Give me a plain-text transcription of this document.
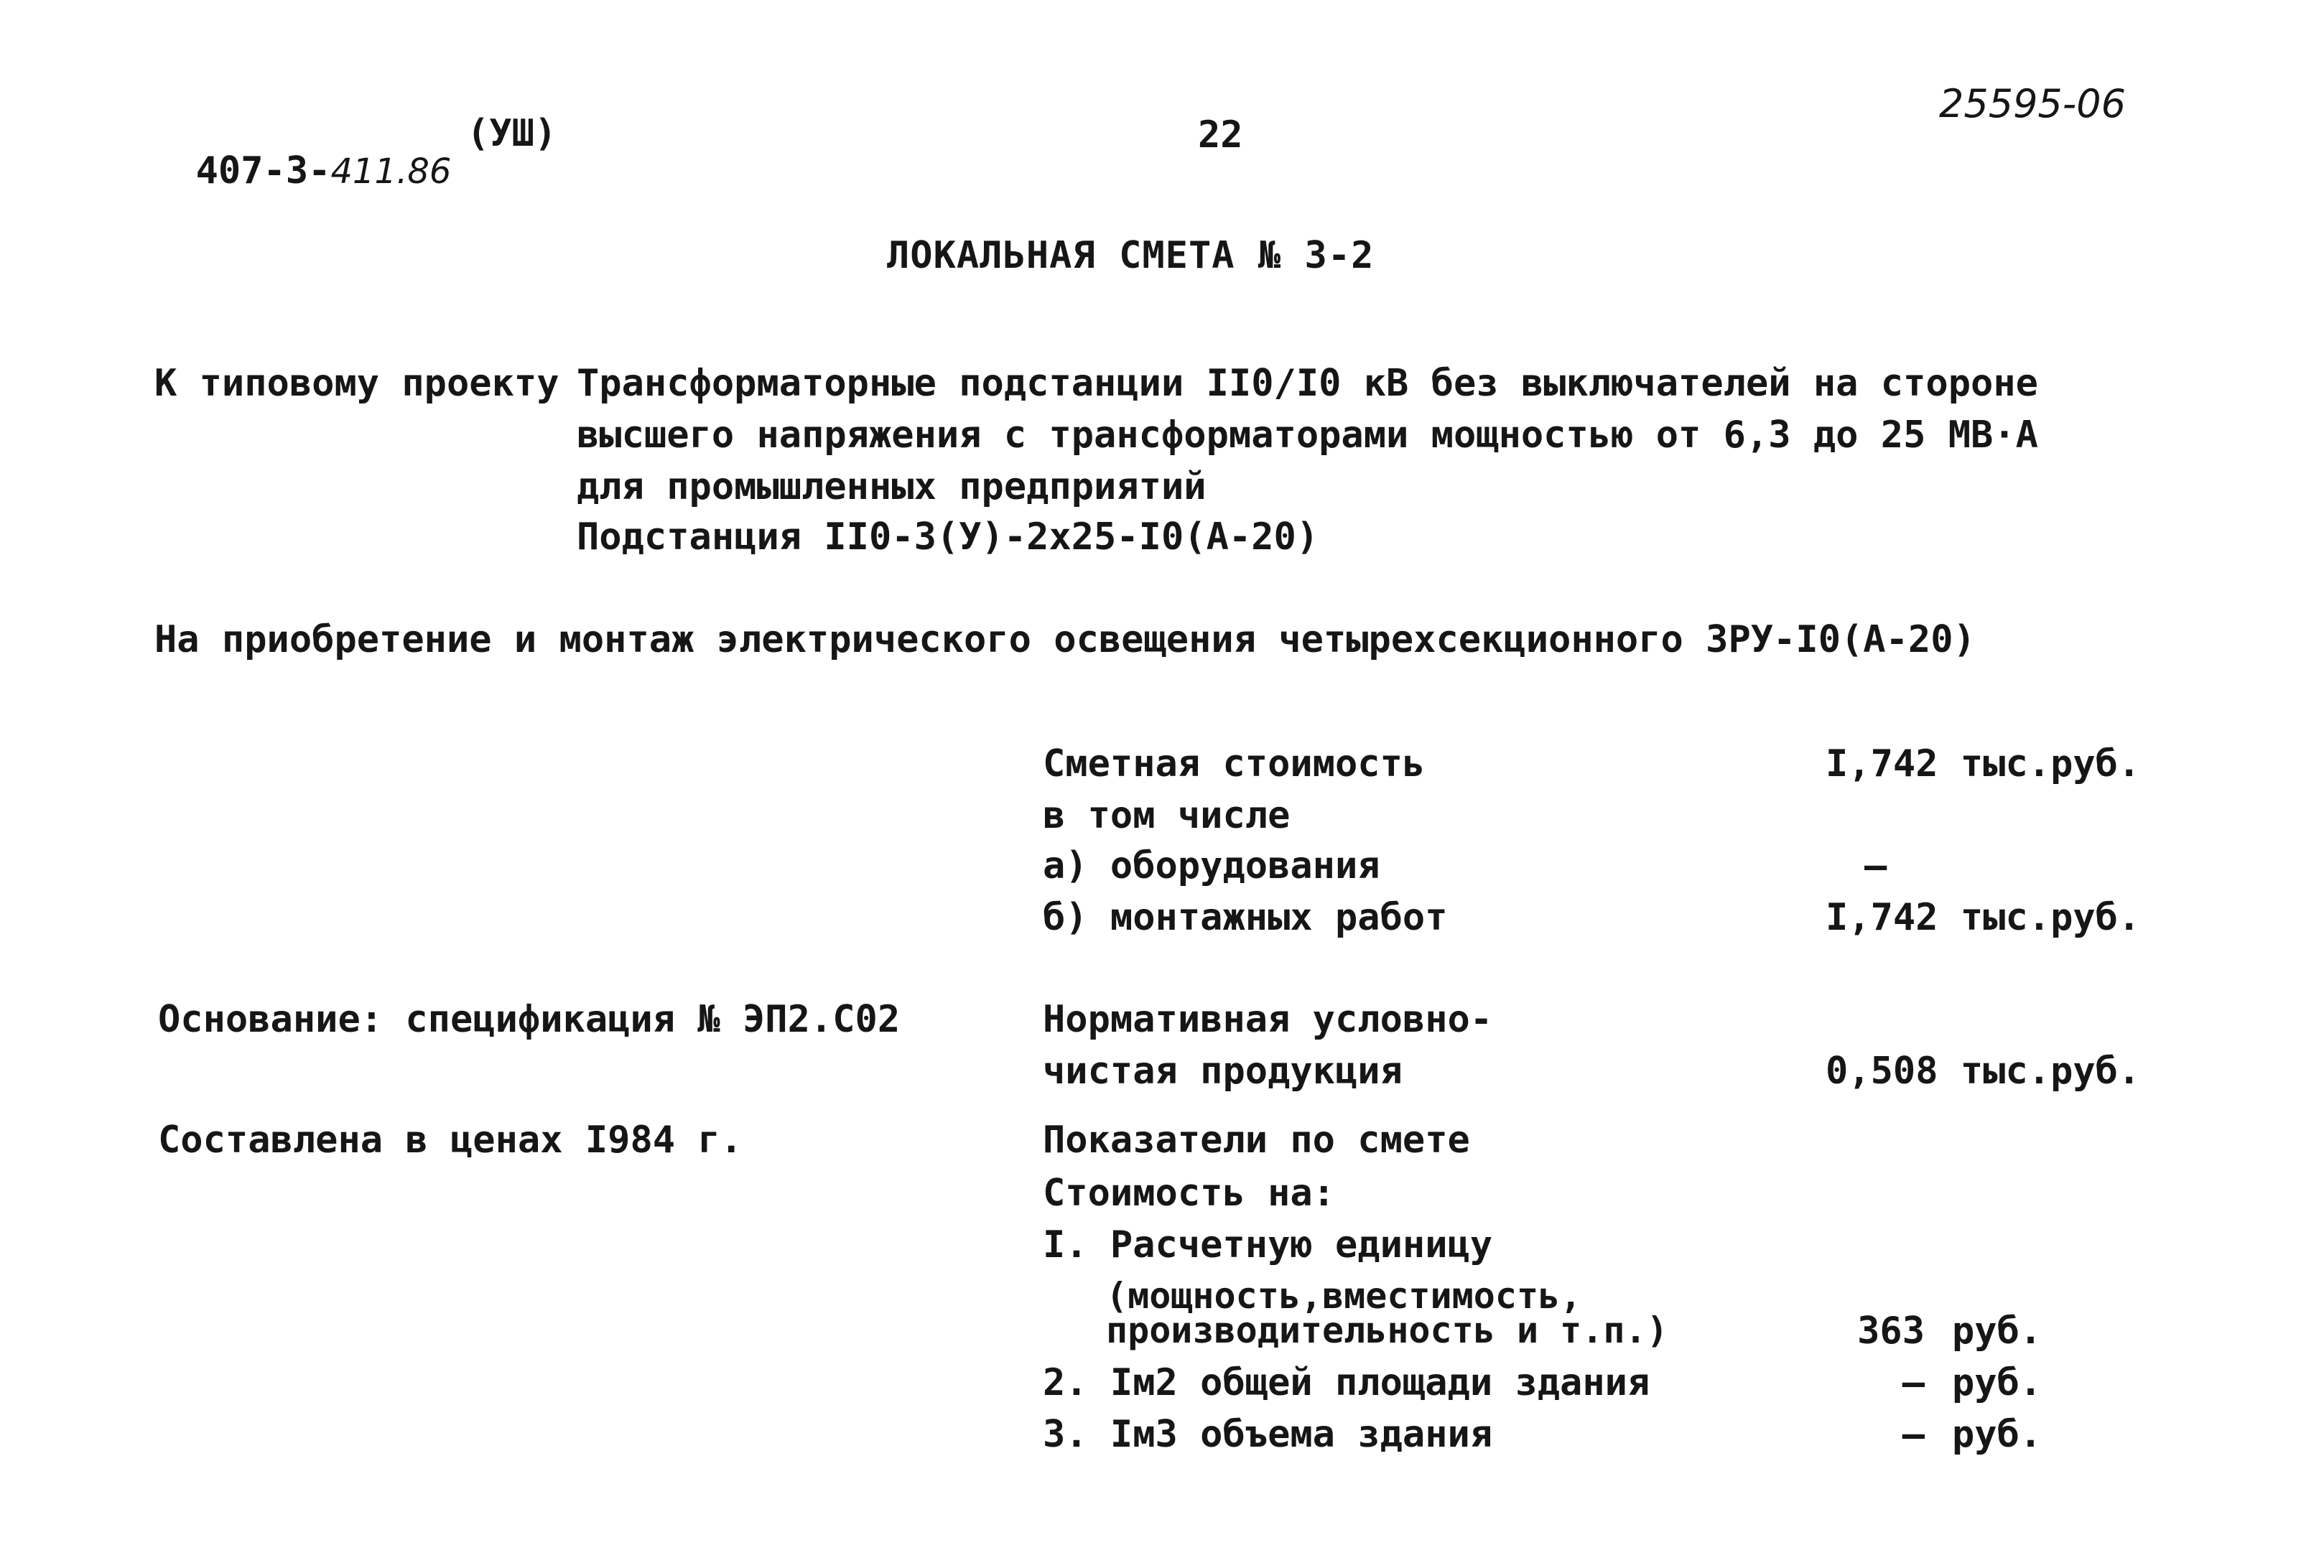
407-3-411.86

(УШ)	22
25595-06
ЛОКАЛЬНАЯ СМЕТА № 3-2
К типовому проекту Трансформаторные подстанции II0/I0 кВ без выключателей на стороне
высшего напряжения с трансформаторами мощностью от 6,3 до 25 МВ·А
для промышленных предприятий
Подстанция II0-3(У)-2х25-I0(А-20)
На приобретение и монтаж электрического освещения четырехсекционного ЗРУ-I0(А-20)
Сметная стоимость	I,742 тыс.руб.
в том числе
а) оборудования	–
б) монтажных работ	I,742 тыс.руб.
Основание: спецификация № ЭП2.С02	Нормативная условно-
чистая продукция	0,508 тыс.руб.
Составлена в ценах I984 г.	Показатели по смете
Стоимость на:
I. Расчетную единицу
(мощность,вместимость,
производительность и т.п.)	363 руб.
2. Iм2 общей площади здания	– руб.
3. Iм3 объема здания	– руб.
